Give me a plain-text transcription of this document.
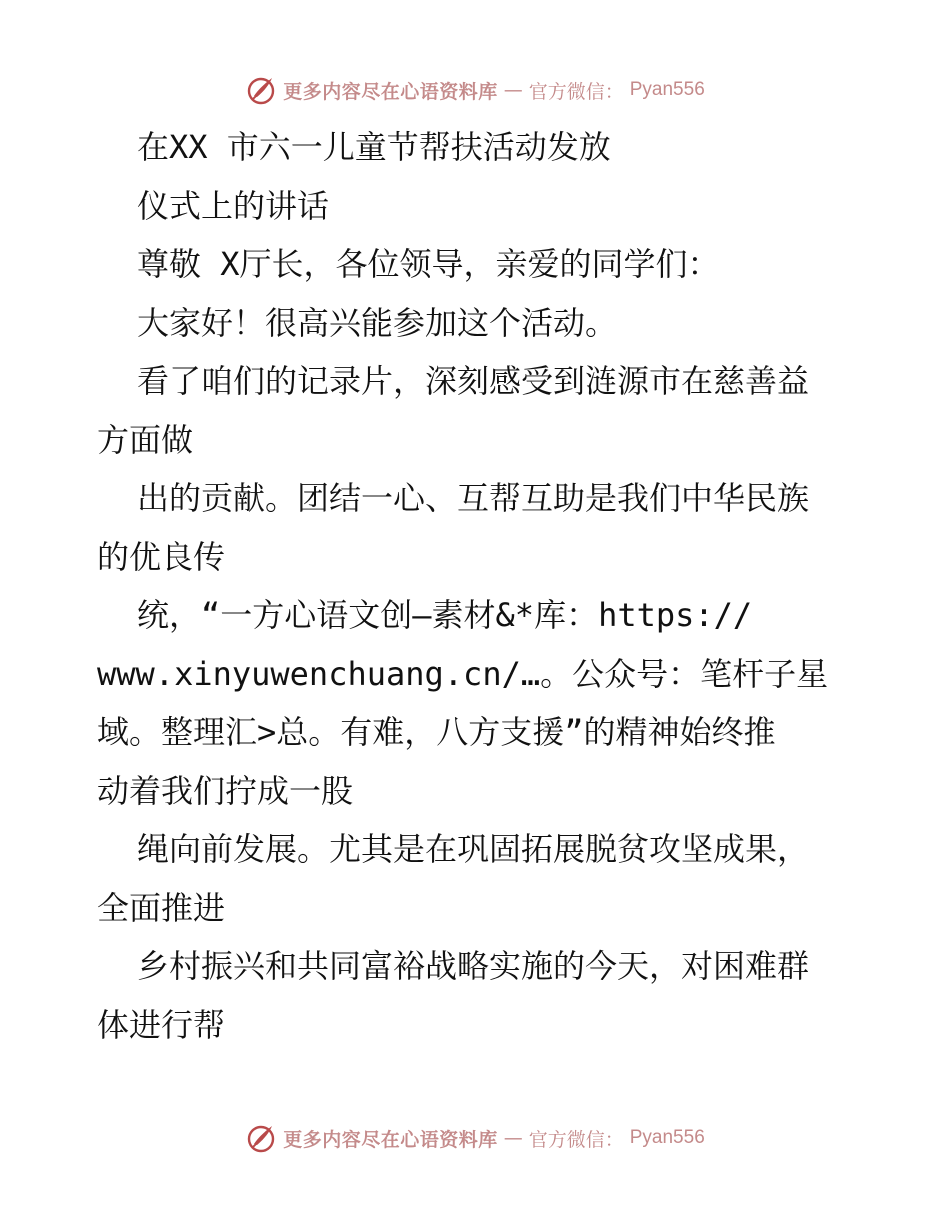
更多内容尽在心语资料库 — 官方微信： Pyan556
在XX 市六一儿童节帮扶活动发放
仪式上的讲话
尊敬 X厅长，各位领导，亲爱的同学们：
大家好！很高兴能参加这个活动。
看了咱们的记录片，深刻感受到涟源市在慈善益
方面做
出的贡献。团结一心、互帮互助是我们中华民族
的优良传
统，“一方心语文创—素材&*库：https://
www.xinyuwenchuang.cn/…。公众号：笔杆子星
域。整理汇>总。有难，八方支援”的精神始终推
动着我们拧成一股
绳向前发展。尤其是在巩固拓展脱贫攻坚成果，
全面推进
乡村振兴和共同富裕战略实施的今天，对困难群
体进行帮
更多内容尽在心语资料库 — 官方微信： Pyan556
